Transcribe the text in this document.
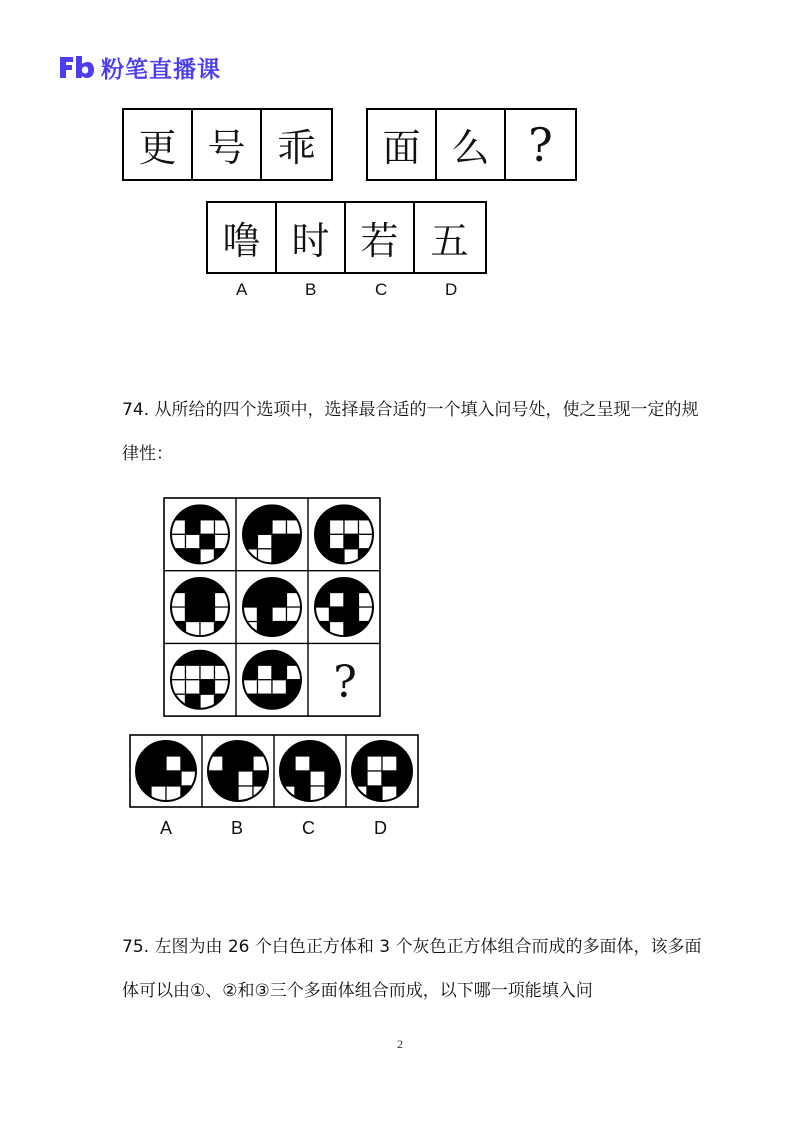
粉笔直播课
更 号 乖	面 么 ?
噜 时 若 五
A	B	C	D
74. 从所给的四个选项中，选择最合适的一个填入问号处，使之呈现一定的规律性：
?
A	B	C	D
75. 左图为由 26 个白色正方体和 3 个灰色正方体组合而成的多面体，该多面体可以由①、②和③三个多面体组合而成，以下哪一项能填入问
2
